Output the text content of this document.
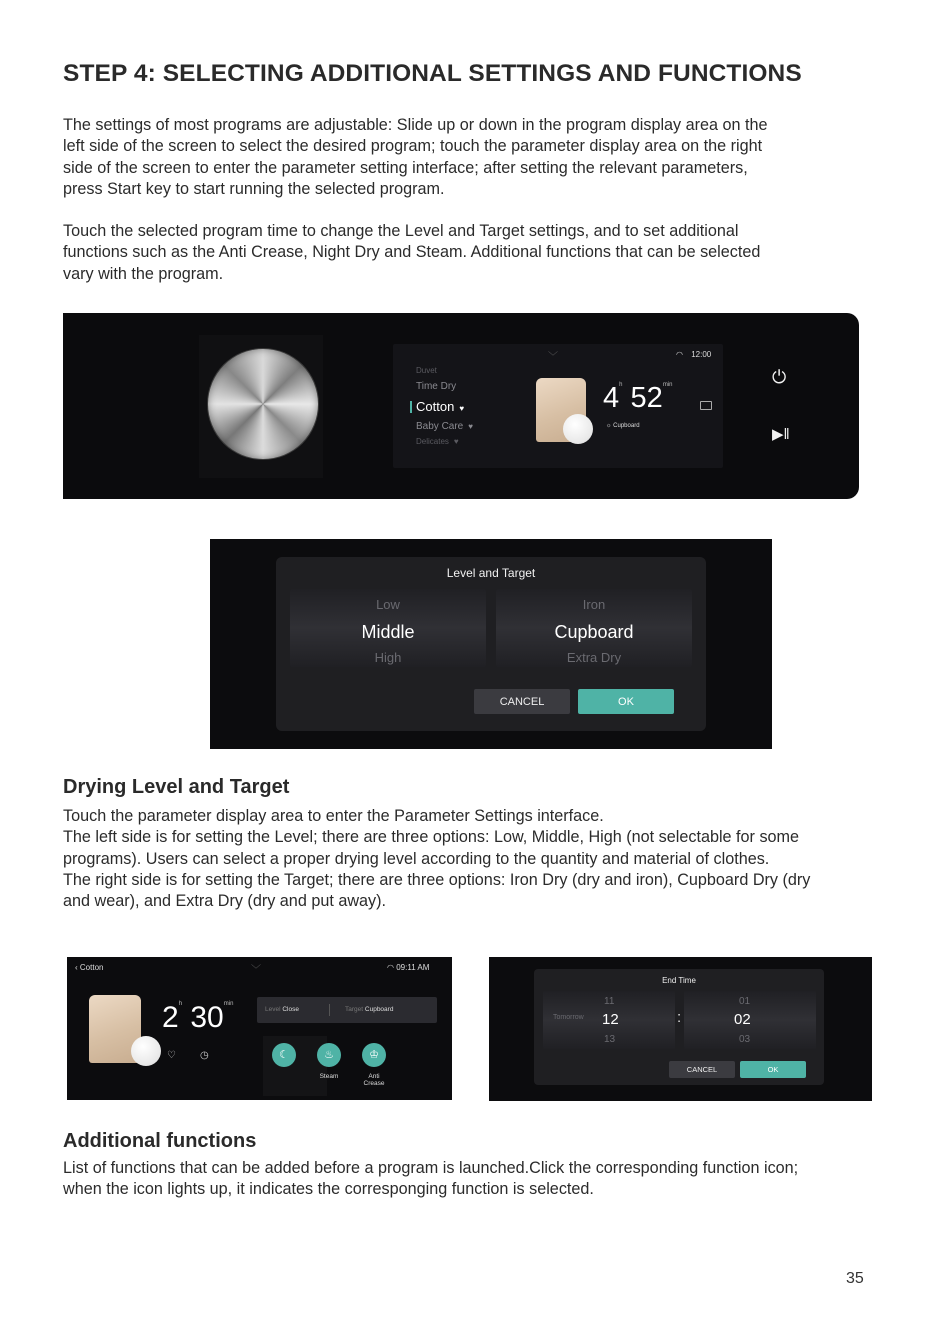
STEP 4: SELECTING ADDITIONAL SETTINGS AND FUNCTIONS

The settings of most programs are adjustable: Slide up or down in the program display area on the

left side of the screen to select the desired program; touch the parameter display area on the right

side of the screen to enter the parameter setting interface; after setting the relevant parameters,

press Start key to start running the selected program.

Touch the selected program time to change the Level and Target settings, and to set additional

functions such as the Anti Crease, Night Dry and Steam. Additional functions that can be selected

vary with the program.

﹀	◠ 12:00
Duvet
Time Dry
Cotton ♥
Baby Care ♥
Delicates ♥
4$^h$ $52^{min}$
☼ Cupboard
⏻
▶‖
Level and Target
Low
Middle
High
Iron
Cupboard
Extra Dry
CANCEL	OK
Drying Level and Target

Touch the parameter display area to enter the Parameter Settings interface.

The left side is for setting the Level; there are three options: Low, Middle, High (not selectable for some

programs). Users can select a proper drying level according to the quantity and material of clothes.

The right side is for setting the Target; there are three options: Iron Dry (dry and iron), Cupboard Dry (dry

and wear), and Extra Dry (dry and put away).

‹ Cotton	﹀	◠ 09:11 AM
2$^h$ $30^{min}$
♡ ◷
Level Close	Target Cupboard
☾	♨	♔
Steam	Anti
Crease
End Time
Tomorrow
11
12
13
:
01
02
03
CANCEL	OK
Additional functions

List of functions that can be added before a program is launched.Click the corresponding function icon;

when the icon lights up, it indicates the corresponging function is selected.

35
